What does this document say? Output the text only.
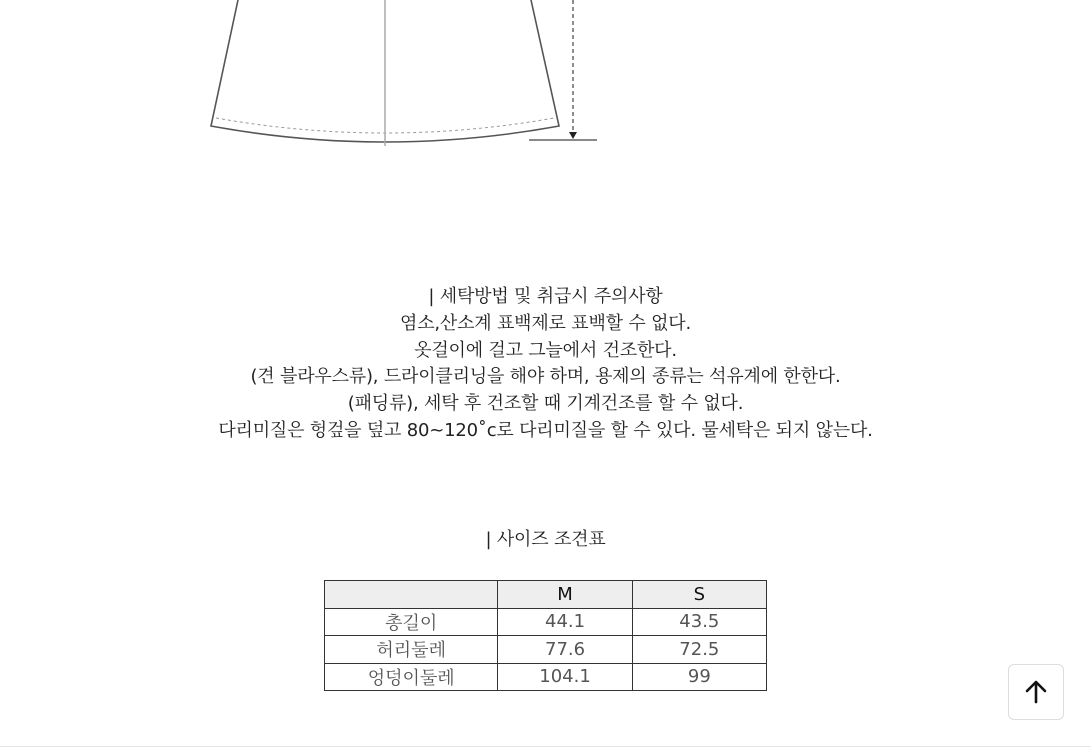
| 세탁방법 및 취급시 주의사항
염소,산소계 표백제로 표백할 수 없다.
옷걸이에 걸고 그늘에서 건조한다.
(견 블라우스류), 드라이클리닝을 해야 하며, 용제의 종류는 석유계에 한한다.
(패딩류), 세탁 후 건조할 때 기계건조를 할 수 없다.
다리미질은 헝겊을 덮고 80~120˚c로 다리미질을 할 수 있다. 물세탁은 되지 않는다.
| 사이즈 조견표
	M	S
총길이	44.1	43.5
허리둘레	77.6	72.5
엉덩이둘레	104.1	99
